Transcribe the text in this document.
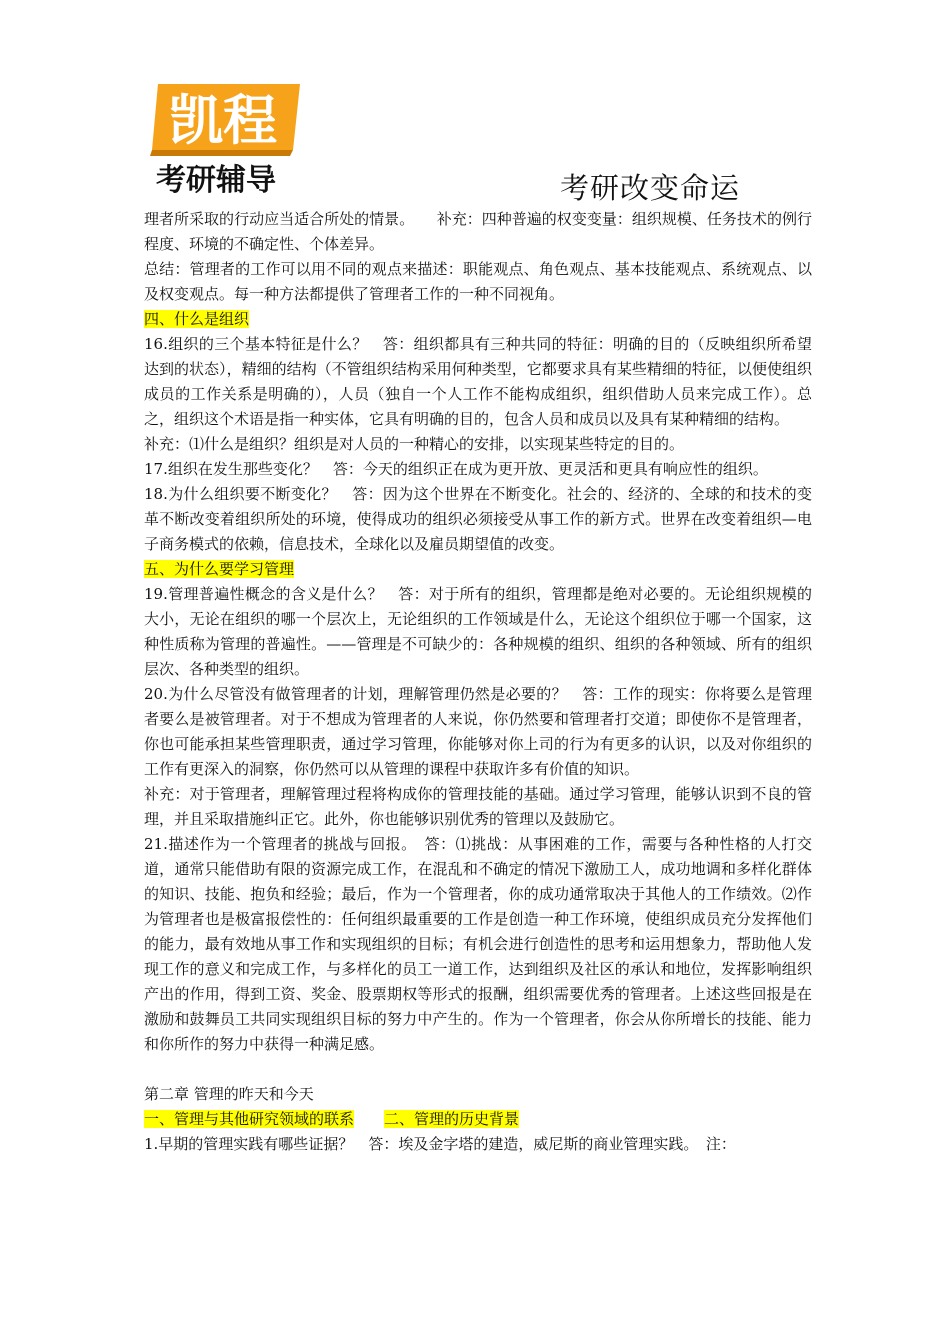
凯程
考研辅导	考研改变命运

理者所采取的行动应当适合所处的情景。　　补充：四种普遍的权变变量：组织规模、任务技术的例行程度、环境的不确定性、个体差异。

总结：管理者的工作可以用不同的观点来描述：职能观点、角色观点、基本技能观点、系统观点、以及权变观点。每一种方法都提供了管理者工作的一种不同视角。

四、什么是组织

16.组织的三个基本特征是什么？　答：组织都具有三种共同的特征：明确的目的（反映组织所希望达到的状态），精细的结构（不管组织结构采用何种类型，它都要求具有某些精细的特征，以便使组织成员的工作关系是明确的），人员（独自一个人工作不能构成组织，组织借助人员来完成工作）。总之，组织这个术语是指一种实体，它具有明确的目的，包含人员和成员以及具有某种精细的结构。

补充：⑴什么是组织？组织是对人员的一种精心的安排，以实现某些特定的目的。

17.组织在发生那些变化？　答：今天的组织正在成为更开放、更灵活和更具有响应性的组织。

18.为什么组织要不断变化？　答：因为这个世界在不断变化。社会的、经济的、全球的和技术的变革不断改变着组织所处的环境，使得成功的组织必须接受从事工作的新方式。世界在改变着组织—电子商务模式的依赖，信息技术，全球化以及雇员期望值的改变。

五、为什么要学习管理

19.管理普遍性概念的含义是什么？　答：对于所有的组织，管理都是绝对必要的。无论组织规模的大小，无论在组织的哪一个层次上，无论组织的工作领域是什么，无论这个组织位于哪一个国家，这种性质称为管理的普遍性。——管理是不可缺少的：各种规模的组织、组织的各种领域、所有的组织层次、各种类型的组织。

20.为什么尽管没有做管理者的计划，理解管理仍然是必要的？　答：工作的现实：你将要么是管理者要么是被管理者。对于不想成为管理者的人来说，你仍然要和管理者打交道；即使你不是管理者，你也可能承担某些管理职责，通过学习管理，你能够对你上司的行为有更多的认识，以及对你组织的工作有更深入的洞察，你仍然可以从管理的课程中获取许多有价值的知识。

补充：对于管理者，理解管理过程将构成你的管理技能的基础。通过学习管理，能够认识到不良的管理，并且采取措施纠正它。此外，你也能够识别优秀的管理以及鼓励它。

21.描述作为一个管理者的挑战与回报。　答：⑴挑战：从事困难的工作，需要与各种性格的人打交道，通常只能借助有限的资源完成工作，在混乱和不确定的情况下激励工人，成功地调和多样化群体的知识、技能、抱负和经验；最后，作为一个管理者，你的成功通常取决于其他人的工作绩效。⑵作为管理者也是极富报偿性的：任何组织最重要的工作是创造一种工作环境，使组织成员充分发挥他们的能力，最有效地从事工作和实现组织的目标；有机会进行创造性的思考和运用想象力，帮助他人发现工作的意义和完成工作，与多样化的员工一道工作，达到组织及社区的承认和地位，发挥影响组织产出的作用，得到工资、奖金、股票期权等形式的报酬，组织需要优秀的管理者。上述这些回报是在激励和鼓舞员工共同实现组织目标的努力中产生的。作为一个管理者，你会从你所增长的技能、能力和你所作的努力中获得一种满足感。

第二章 管理的昨天和今天

一、管理与其他研究领域的联系 二、管理的历史背景

1.早期的管理实践有哪些证据？　答：埃及金字塔的建造，威尼斯的商业管理实践。　注：
